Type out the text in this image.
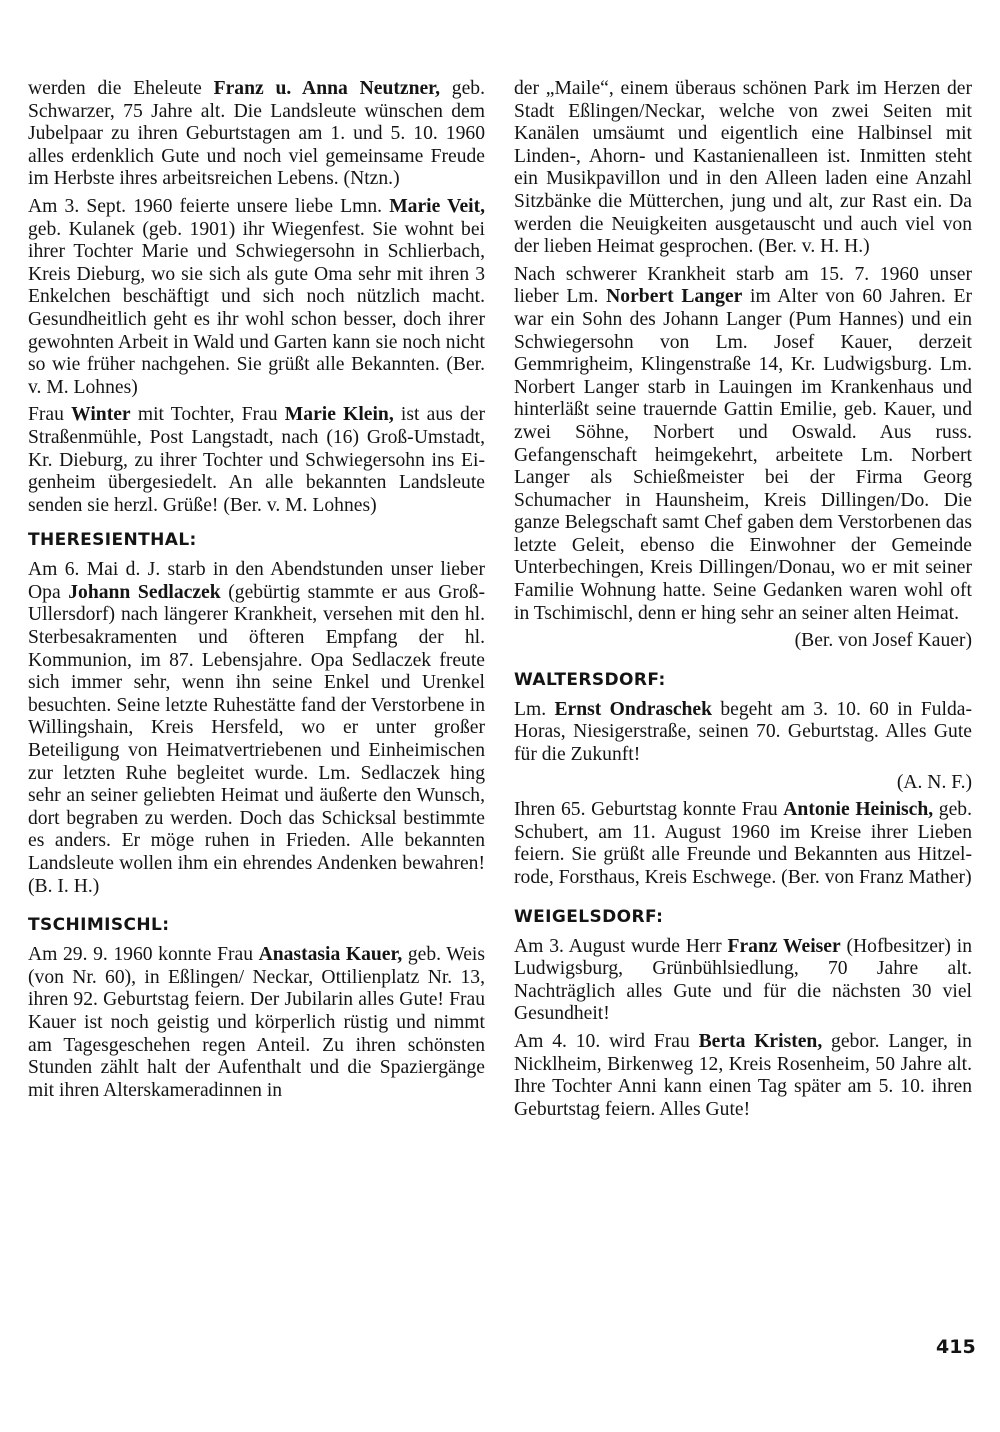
werden die Eheleute Franz u. Anna Neutzner, geb. Schwarzer, 75 Jahre alt. Die Landsleute wünschen dem Jubelpaar zu ihren Geburtstagen am 1. und 5. 10. 1960 alles erdenklich Gute und noch viel gemeinsame Freude im Herbste ihres arbeitsreichen Lebens. (Ntzn.)
Am 3. Sept. 1960 feierte unsere liebe Lmn. Marie Veit, geb. Kulanek (geb. 1901) ihr Wiegenfest. Sie wohnt bei ihrer Tochter Marie und Schwiegersohn in Schlierbach, Kreis Dieburg, wo sie sich als gute Oma sehr mit ihren 3 Enkelchen beschäftigt und sich noch nützlich macht. Gesundheitlich geht es ihr wohl schon besser, doch ihrer gewohnten Arbeit in Wald und Garten kann sie noch nicht so wie früher nachgehen. Sie grüßt alle Bekannten. (Ber. v. M. Lohnes)
Frau Winter mit Tochter, Frau Marie Klein, ist aus der Straßenmühle, Post Langstadt, nach (16) Groß-Umstadt, Kr. Dieburg, zu ihrer Tochter und Schwiegersohn ins Eigenheim übergesiedelt. An alle bekannten Landsleute senden sie herzl. Grüße! (Ber. v. M. Lohnes)
THERESIENTHAL:
Am 6. Mai d. J. starb in den Abendstunden unser lieber Opa Johann Sedlaczek (gebürtig stammte er aus Groß-Ullersdorf) nach längerer Krankheit, versehen mit den hl. Sterbesakramenten und öfteren Empfang der hl. Kommunion, im 87. Lebensjahre. Opa Sedlaczek freute sich immer sehr, wenn ihn seine Enkel und Urenkel besuchten. Seine letzte Ruhestätte fand der Verstorbene in Willingshain, Kreis Hersfeld, wo er unter großer Beteiligung von Heimatvertriebenen und Einheimischen zur letzten Ruhe begleitet wurde. Lm. Sedlaczek hing sehr an seiner geliebten Heimat und äußerte den Wunsch, dort begraben zu werden. Doch das Schicksal bestimmte es anders. Er möge ruhen in Frieden. Alle bekannten Landsleute wollen ihm ein ehrendes Andenken bewahren! (B. I. H.)
TSCHIMISCHL:
Am 29. 9. 1960 konnte Frau Anastasia Kauer, geb. Weis (von Nr. 60), in Eßlingen/ Neckar, Ottilienplatz Nr. 13, ihren 92. Geburtstag feiern. Der Jubilarin alles Gute! Frau Kauer ist noch geistig und körperlich rüstig und nimmt am Tagesgeschehen regen Anteil. Zu ihren schönsten Stunden zählt halt der Aufenthalt und die Spaziergänge mit ihren Alterskameradinnen in
der „Maile“, einem überaus schönen Park im Herzen der Stadt Eßlingen/Neckar, welche von zwei Seiten mit Kanälen umsäumt und eigentlich eine Halbinsel mit Linden-, Ahorn- und Kastanienalleen ist. Inmitten steht ein Musikpavillon und in den Alleen laden eine Anzahl Sitzbänke die Mütterchen, jung und alt, zur Rast ein. Da werden die Neuigkeiten ausgetauscht und auch viel von der lieben Heimat gesprochen. (Ber. v. H. H.)
Nach schwerer Krankheit starb am 15. 7. 1960 unser lieber Lm. Norbert Langer im Alter von 60 Jahren. Er war ein Sohn des Johann Langer (Pum Hannes) und ein Schwiegersohn von Lm. Josef Kauer, derzeit Gemmrigheim, Klingenstraße 14, Kr. Ludwigsburg. Lm. Norbert Langer starb in Lauingen im Krankenhaus und hinterläßt seine trauernde Gattin Emilie, geb. Kauer, und zwei Söhne, Norbert und Oswald. Aus russ. Gefangenschaft heimgekehrt, arbeitete Lm. Norbert Langer als Schießmeister bei der Firma Georg Schumacher in Haunsheim, Kreis Dillingen/Do. Die ganze Belegschaft samt Chef gaben dem Verstorbenen das letzte Geleit, ebenso die Einwohner der Gemeinde Unterbechingen, Kreis Dillingen/Donau, wo er mit seiner Familie Wohnung hatte. Seine Gedanken waren wohl oft in Tschimischl, denn er hing sehr an seiner alten Heimat.
(Ber. von Josef Kauer)
WALTERSDORF:
Lm. Ernst Ondraschek begeht am 3. 10. 60 in Fulda-Horas, Niesigerstraße, seinen 70. Geburtstag. Alles Gute für die Zukunft!
(A. N. F.)
Ihren 65. Geburtstag konnte Frau Antonie Heinisch, geb. Schubert, am 11. August 1960 im Kreise ihrer Lieben feiern. Sie grüßt alle Freunde und Bekannten aus Hitzelrode, Forsthaus, Kreis Eschwege. (Ber. von Franz Mather)
WEIGELSDORF:
Am 3. August wurde Herr Franz Weiser (Hofbesitzer) in Ludwigsburg, Grünbühlsiedlung, 70 Jahre alt. Nachträglich alles Gute und für die nächsten 30 viel Gesundheit!
Am 4. 10. wird Frau Berta Kristen, gebor. Langer, in Nicklheim, Birkenweg 12, Kreis Rosenheim, 50 Jahre alt. Ihre Tochter Anni kann einen Tag später am 5. 10. ihren Geburtstag feiern. Alles Gute!
415
